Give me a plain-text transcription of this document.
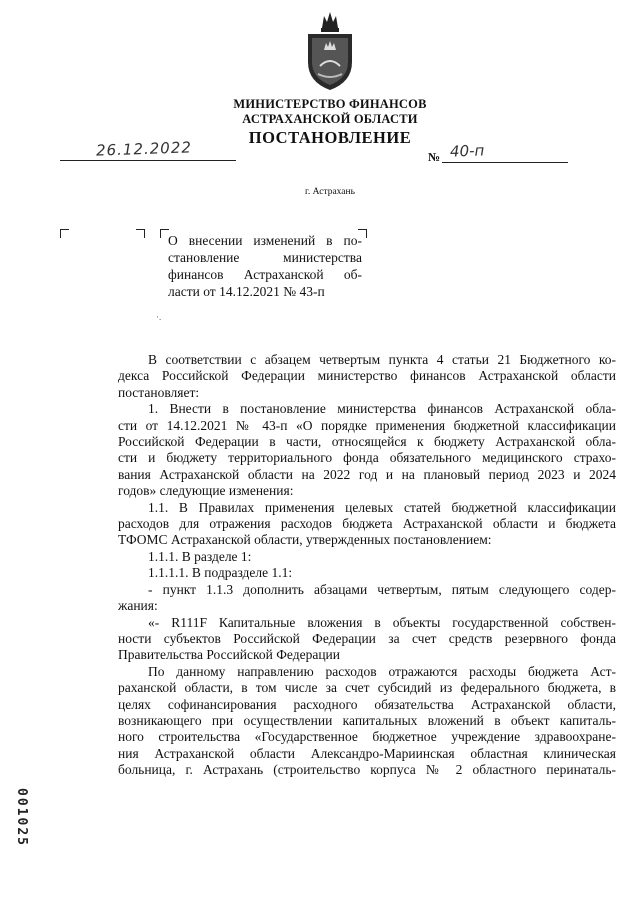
МИНИСТЕРСТВО ФИНАНСОВ
АСТРАХАНСКОЙ ОБЛАСТИ
ПОСТАНОВЛЕНИЕ
26.12.2022	№ 40-п
г. Астрахань
О внесении изменений в по-
становление министерства
финансов Астраханской об-
ласти от 14.12.2021 № 43-п
·.
В соответствии с абзацем четвертым пункта 4 статьи 21 Бюджетного ко-
декса Российской Федерации министерство финансов Астраханской области
постановляет:
1. Внести в постановление министерства финансов Астраханской обла-
сти от 14.12.2021 № 43-п «О порядке применения бюджетной классификации
Российской Федерации в части, относящейся к бюджету Астраханской обла-
сти и бюджету территориального фонда обязательного медицинского страхо-
вания Астраханской области на 2022 год и на плановый период 2023 и 2024
годов» следующие изменения:
1.1. В Правилах применения целевых статей бюджетной классификации
расходов для отражения расходов бюджета Астраханской области и бюджета
ТФОМС Астраханской области, утвержденных постановлением:
1.1.1. В разделе 1:
1.1.1.1. В подразделе 1.1:
- пункт 1.1.3 дополнить абзацами четвертым, пятым следующего содер-
жания:
«- R111F Капитальные вложения в объекты государственной собствен-
ности субъектов Российской Федерации за счет средств резервного фонда
Правительства Российской Федерации
По данному направлению расходов отражаются расходы бюджета Аст-
раханской области, в том числе за счет субсидий из федерального бюджета, в
целях софинансирования расходного обязательства Астраханской области,
возникающего при осуществлении капитальных вложений в объект капиталь-
ного строительства «Государственное бюджетное учреждение здравоохране-
ния Астраханской области Александро-Мариинская областная клиническая
больница, г. Астрахань (строительство корпуса № 2 областного перинаталь-
001025
